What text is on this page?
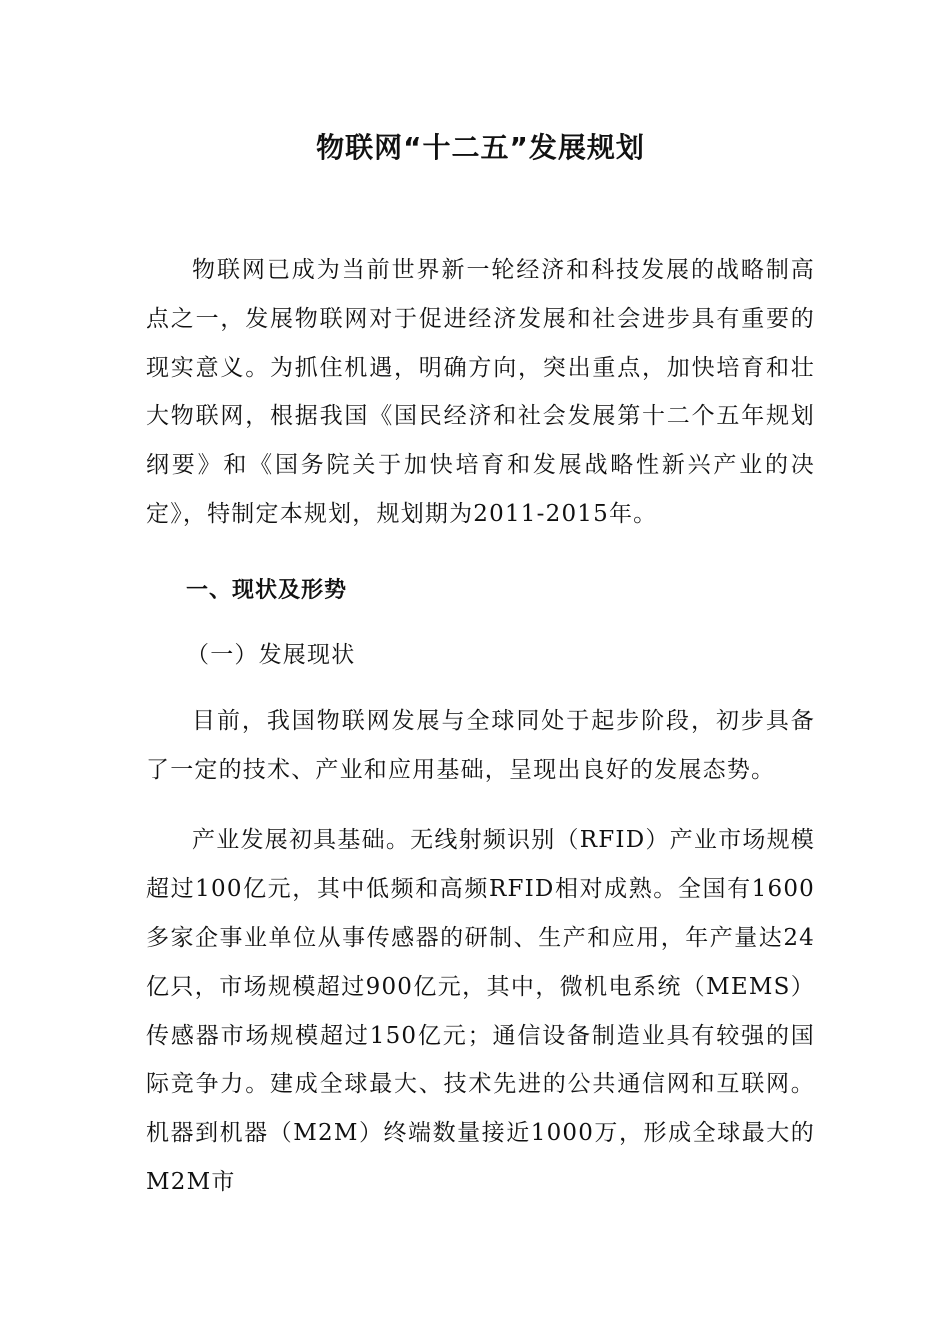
物联网“十二五”发展规划

物联网已成为当前世界新一轮经济和科技发展的战略制高点之一，发展物联网对于促进经济发展和社会进步具有重要的现实意义。为抓住机遇，明确方向，突出重点，加快培育和壮大物联网，根据我国《国民经济和社会发展第十二个五年规划纲要》和《国务院关于加快培育和发展战略性新兴产业的决定》，特制定本规划，规划期为2011-2015年。

一、现状及形势
（一）发展现状

目前，我国物联网发展与全球同处于起步阶段，初步具备了一定的技术、产业和应用基础，呈现出良好的发展态势。

产业发展初具基础。无线射频识别（RFID）产业市场规模超过100亿元，其中低频和高频RFID相对成熟。全国有1600多家企事业单位从事传感器的研制、生产和应用，年产量达24亿只，市场规模超过900亿元，其中，微机电系统（MEMS）传感器市场规模超过150亿元；通信设备制造业具有较强的国际竞争力。建成全球最大、技术先进的公共通信网和互联网。机器到机器（M2M）终端数量接近1000万，形成全球最大的M2M市
